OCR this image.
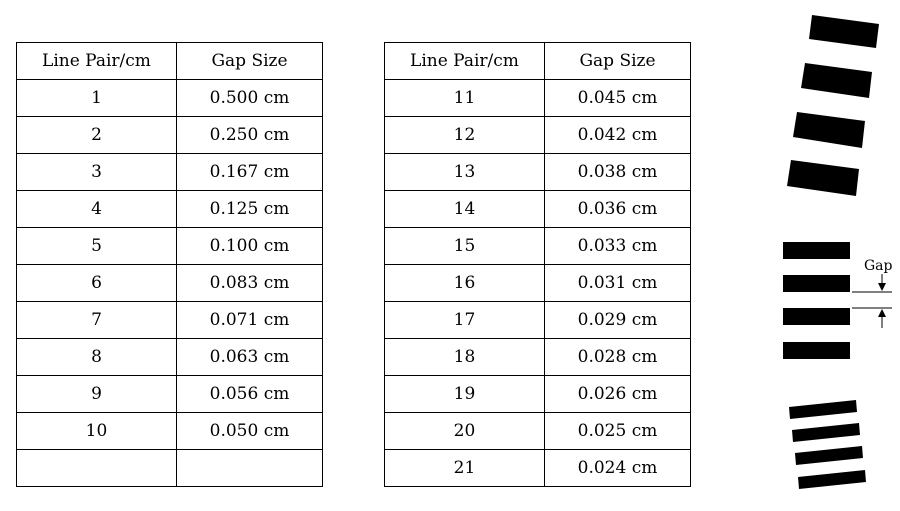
Line Pair/cm	Gap Size
1	0.500 cm
2	0.250 cm
3	0.167 cm
4	0.125 cm
5	0.100 cm
6	0.083 cm
7	0.071 cm
8	0.063 cm
9	0.056 cm
10	0.050 cm

Line Pair/cm	Gap Size
11	0.045 cm
12	0.042 cm
13	0.038 cm
14	0.036 cm
15	0.033 cm
16	0.031 cm
17	0.029 cm
18	0.028 cm
19	0.026 cm
20	0.025 cm
21	0.024 cm
Gap
